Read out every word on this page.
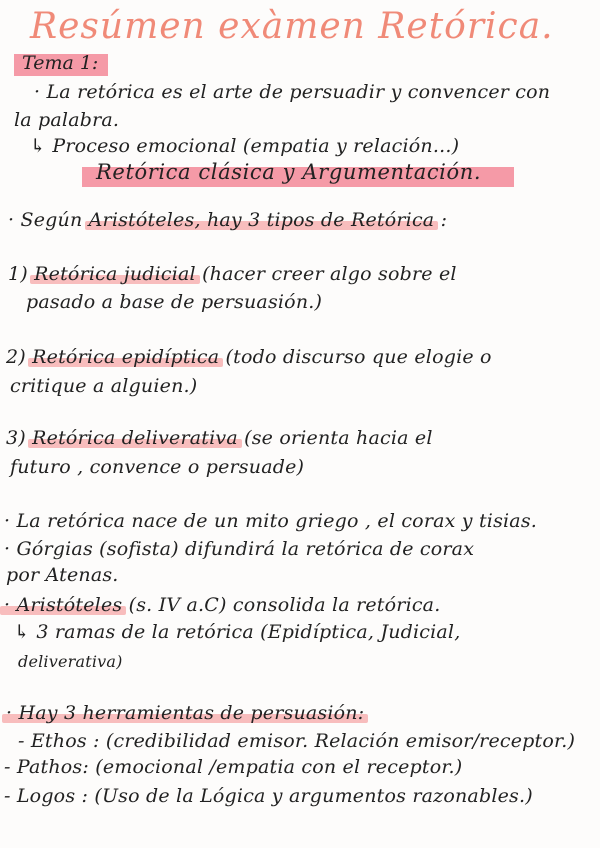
Resúmen exàmen Retórica.
Tema 1:
· La retórica es el arte de persuadir y convencer con
la palabra.
↳ Proceso emocional (empatia y relación...)
Retórica clásica y Argumentación.
· Según Aristóteles, hay 3 tipos de Retórica :
1) Retórica judicial (hacer creer algo sobre el
pasado a base de persuasión.)
2) Retórica epidíptica (todo discurso que elogie o
critique a alguien.)
3) Retórica deliverativa (se orienta hacia el
futuro , convence o persuade)
· La retórica nace de un mito griego , el corax y tisias.
· Górgias (sofista) difundirá la retórica de corax
por Atenas.
· Aristóteles (s. IV a.C) consolida la retórica.
↳ 3 ramas de la retórica (Epidíptica, Judicial,
deliverativa)
· Hay 3 herramientas de persuasión:
- Ethos : (credibilidad emisor. Relación emisor/receptor.)
- Pathos: (emocional /empatia con el receptor.)
- Logos : (Uso de la Lógica y argumentos razonables.)
